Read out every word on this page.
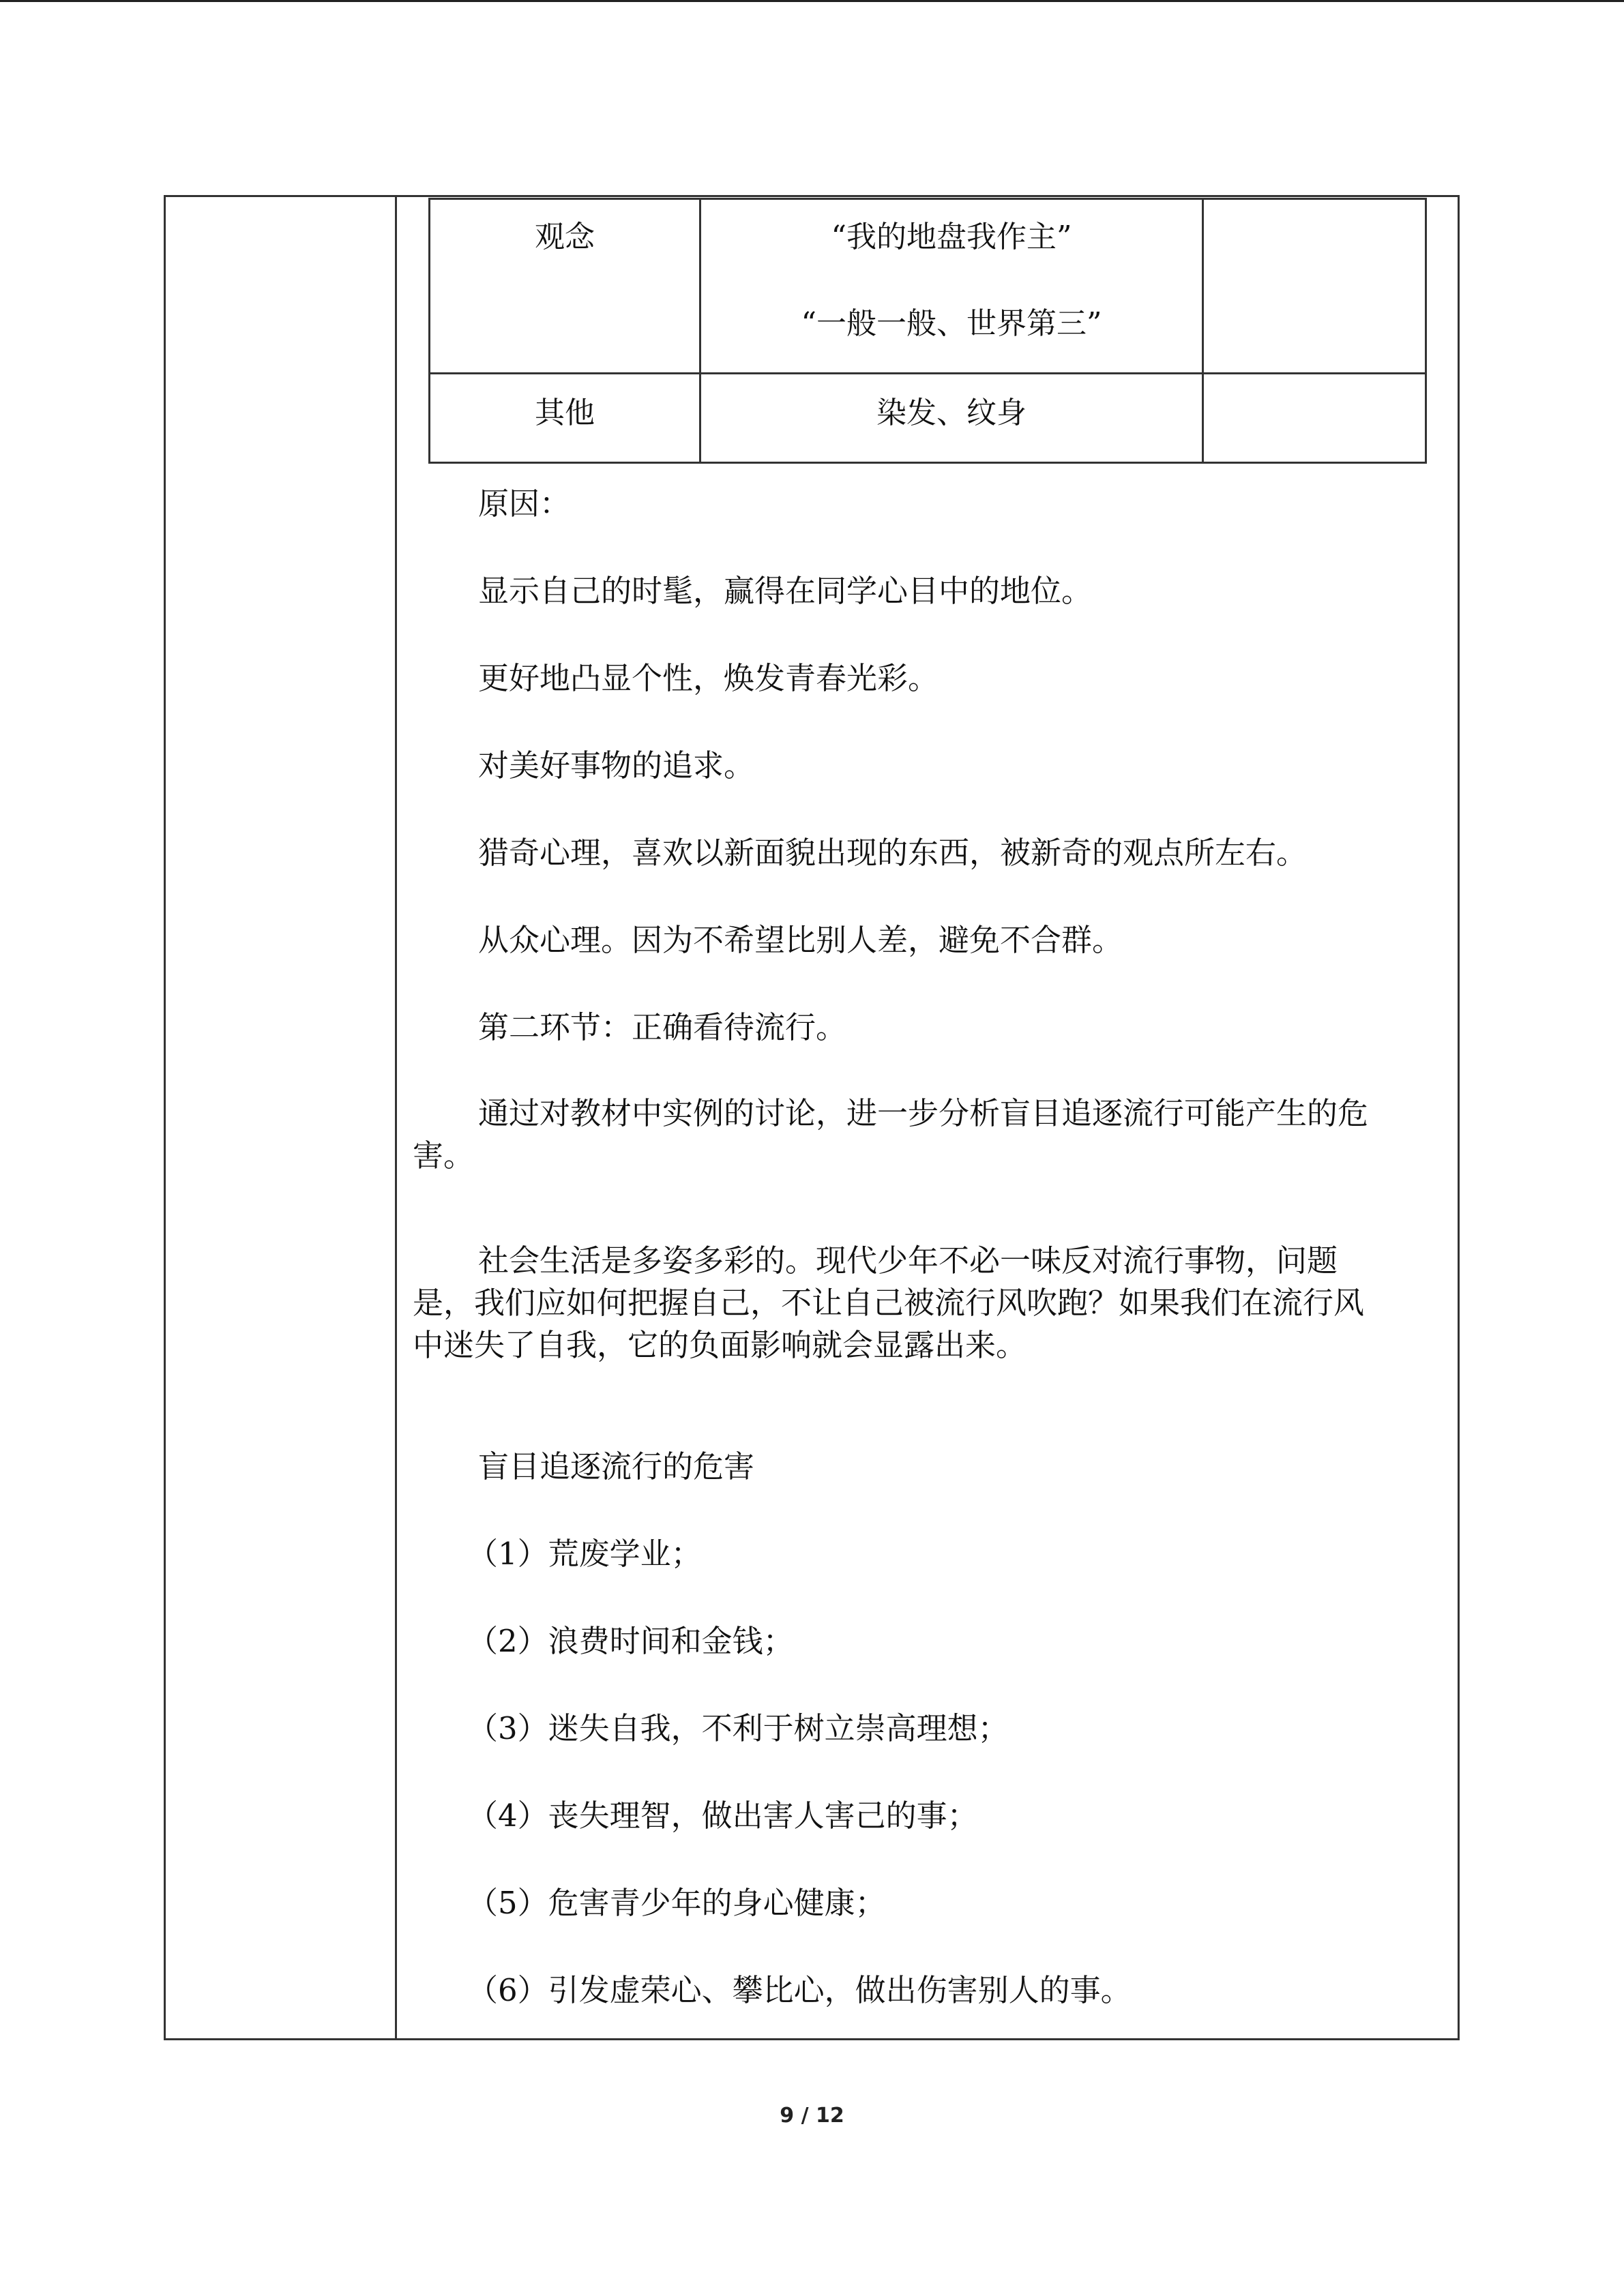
观念	“我的地盘我作主”
“一般一般、世界第三”
其他	染发、纹身
原因：
显示自己的时髦，赢得在同学心目中的地位。
更好地凸显个性，焕发青春光彩。
对美好事物的追求。
猎奇心理，喜欢以新面貌出现的东西，被新奇的观点所左右。
从众心理。因为不希望比别人差，避免不合群。
第二环节：正确看待流行。
通过对教材中实例的讨论，进一步分析盲目追逐流行可能产生的危
害。
社会生活是多姿多彩的。现代少年不必一味反对流行事物，问题
是，我们应如何把握自己，不让自己被流行风吹跑？如果我们在流行风
中迷失了自我，它的负面影响就会显露出来。
盲目追逐流行的危害
（1）荒废学业；
（2）浪费时间和金钱；
（3）迷失自我，不利于树立崇高理想；
（4）丧失理智，做出害人害己的事；
（5）危害青少年的身心健康；
（6）引发虚荣心、攀比心，做出伤害别人的事。
9 / 12
